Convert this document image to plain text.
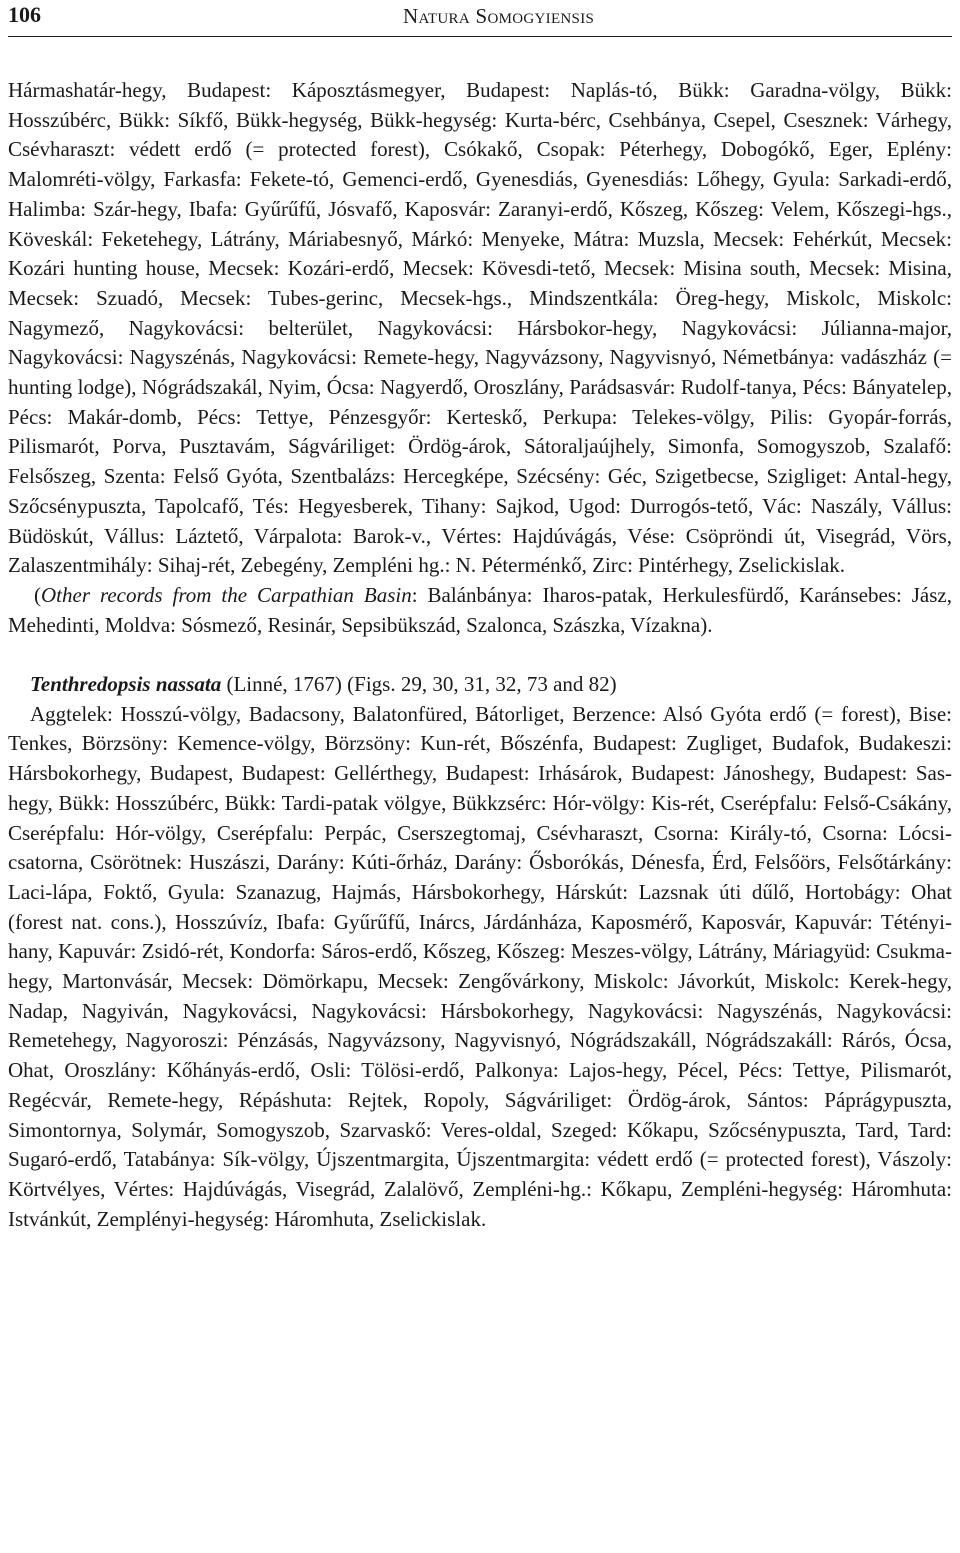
106	Natura Somogyiensis

Hármashatár-hegy, Budapest: Káposztásmegyer, Budapest: Naplás-tó, Bükk: Garadna-völgy, Bükk: Hosszúbérc, Bükk: Síkfő, Bükk-hegység, Bükk-hegység: Kurta-bérc, Csehbánya, Csepel, Csesznek: Várhegy, Csévharaszt: védett erdő (= protected forest), Csókakő, Csopak: Péterhegy, Dobogókő, Eger, Eplény: Malomréti-völgy, Farkasfa: Fekete-tó, Gemenci-erdő, Gyenesdiás, Gyenesdiás: Lőhegy, Gyula: Sarkadi-erdő, Halimba: Szár-hegy, Ibafa: Gyűrűfű, Jósvafő, Kaposvár: Zaranyi-erdő, Kőszeg, Kőszeg: Velem, Kőszegi-hgs., Köveskál: Feketehegy, Látrány, Máriabesnyő, Márkó: Menyeke, Mátra: Muzsla, Mecsek: Fehérkút, Mecsek: Kozári hunting house, Mecsek: Kozári-erdő, Mecsek: Kövesdi-tető, Mecsek: Misina south, Mecsek: Misina, Mecsek: Szuadó, Mecsek: Tubes-gerinc, Mecsek-hgs., Mindszentkála: Öreg-hegy, Miskolc, Miskolc: Nagymező, Nagykovácsi: belterület, Nagykovácsi: Hársbokor-hegy, Nagykovácsi: Júlianna-major, Nagykovácsi: Nagyszénás, Nagykovácsi: Remete-hegy, Nagyvázsony, Nagyvisnyó, Németbánya: vadászház (= hunting lodge), Nógrádszakál, Nyim, Ócsa: Nagyerdő, Oroszlány, Parádsasvár: Rudolf-tanya, Pécs: Bányatelep, Pécs: Makár-domb, Pécs: Tettye, Pénzesgyőr: Kerteskő, Perkupa: Telekes-völgy, Pilis: Gyopár-forrás, Pilismarót, Porva, Pusztavám, Ságváriliget: Ördög-árok, Sátoraljaújhely, Simonfa, Somogyszob, Szalafő: Felsőszeg, Szenta: Felső Gyóta, Szentbalázs: Hercegképe, Szécsény: Géc, Szigetbecse, Szigliget: Antal-hegy, Szőcsénypuszta, Tapolcafő, Tés: Hegyesberek, Tihany: Sajkod, Ugod: Durrogós-tető, Vác: Naszály, Vállus: Büdöskút, Vállus: Láztető, Várpalota: Barok-v., Vértes: Hajdúvágás, Vése: Csöpröndi út, Visegrád, Vörs, Zalaszentmihály: Sihaj-rét, Zebegény, Zempléni hg.: N. Péterménkő, Zirc: Pintérhegy, Zselickislak.

(Other records from the Carpathian Basin: Balánbánya: Iharos-patak, Herkulesfürdő, Karánsebes: Jász, Mehedinti, Moldva: Sósmező, Resinár, Sepsibükszád, Szaloncа, Szászka, Vízakna).

Tenthredopsis nassata (Linné, 1767) (Figs. 29, 30, 31, 32, 73 and 82)

Aggtelek: Hosszú-völgy, Badacsony, Balatonfüred, Bátorliget, Berzence: Alsó Gyóta erdő (= forest), Bise: Tenkes, Börzsöny: Kemence-völgy, Börzsöny: Kun-rét, Bőszénfa, Budapest: Zugliget, Budafok, Budakeszi: Hársbokorhegy, Budapest, Budapest: Gellérthegy, Budapest: Irhásárok, Budapest: Jánoshegy, Budapest: Sas-hegy, Bükk: Hosszúbérc, Bükk: Tardi-patak völgye, Bükkzsérc: Hór-völgy: Kis-rét, Cserépfalu: Felső-Csákány, Cserépfalu: Hór-völgy, Cserépfalu: Perpác, Cserszegtomaj, Csévharaszt, Csorna: Király-tó, Csorna: Lócsi-csatorna, Csörötnek: Huszászi, Darány: Kúti-őrház, Darány: Ősborókás, Dénesfa, Érd, Felsőörs, Felsőtárkány: Laci-lápa, Foktő, Gyula: Szanazug, Hajmás, Hársbokorhegy, Hárskút: Lazsnak úti dűlő, Hortobágy: Ohat (forest nat. cons.), Hosszúvíz, Ibafa: Gyűrűfű, Inárcs, Járdánháza, Kaposmérő, Kaposvár, Kapuvár: Tétényi-hany, Kapuvár: Zsidó-rét, Kondorfa: Sáros-erdő, Kőszeg, Kőszeg: Meszes-völgy, Látrány, Máriagyüd: Csukma-hegy, Martonvásár, Mecsek: Dömörkapu, Mecsek: Zengővárkony, Miskolc: Jávorkút, Miskolc: Kerek-hegy, Nadap, Nagyiván, Nagykovácsi, Nagykovácsi: Hársbokorhegy, Nagykovácsi: Nagyszénás, Nagykovácsi: Remetehegy, Nagyoroszi: Pénzásás, Nagyvázsony, Nagyvisnyó, Nógrádszakáll, Nógrádszakáll: Rárós, Ócsa, Ohat, Oroszlány: Kőhányás-erdő, Osli: Tölösi-erdő, Palkonya: Lajos-hegy, Pécel, Pécs: Tettye, Pilismarót, Regécvár, Remete-hegy, Répáshuta: Rejtek, Ropoly, Ságváriliget: Ördög-árok, Sántos: Páprágypuszta, Simontornya, Solymár, Somogyszob, Szarvaskő: Veres-oldal, Szeged: Kőkapu, Szőcsénypuszta, Tard, Tard: Sugaró-erdő, Tatabánya: Sík-völgy, Újszentmargita, Újszentmargita: védett erdő (= protected forest), Vászoly: Körtvélyes, Vértes: Hajdúvágás, Visegrád, Zalalövő, Zempléni-hg.: Kőkapu, Zempléni-hegység: Háromhuta: Istvánkút, Zemplényi-hegység: Háromhuta, Zselickislak.
